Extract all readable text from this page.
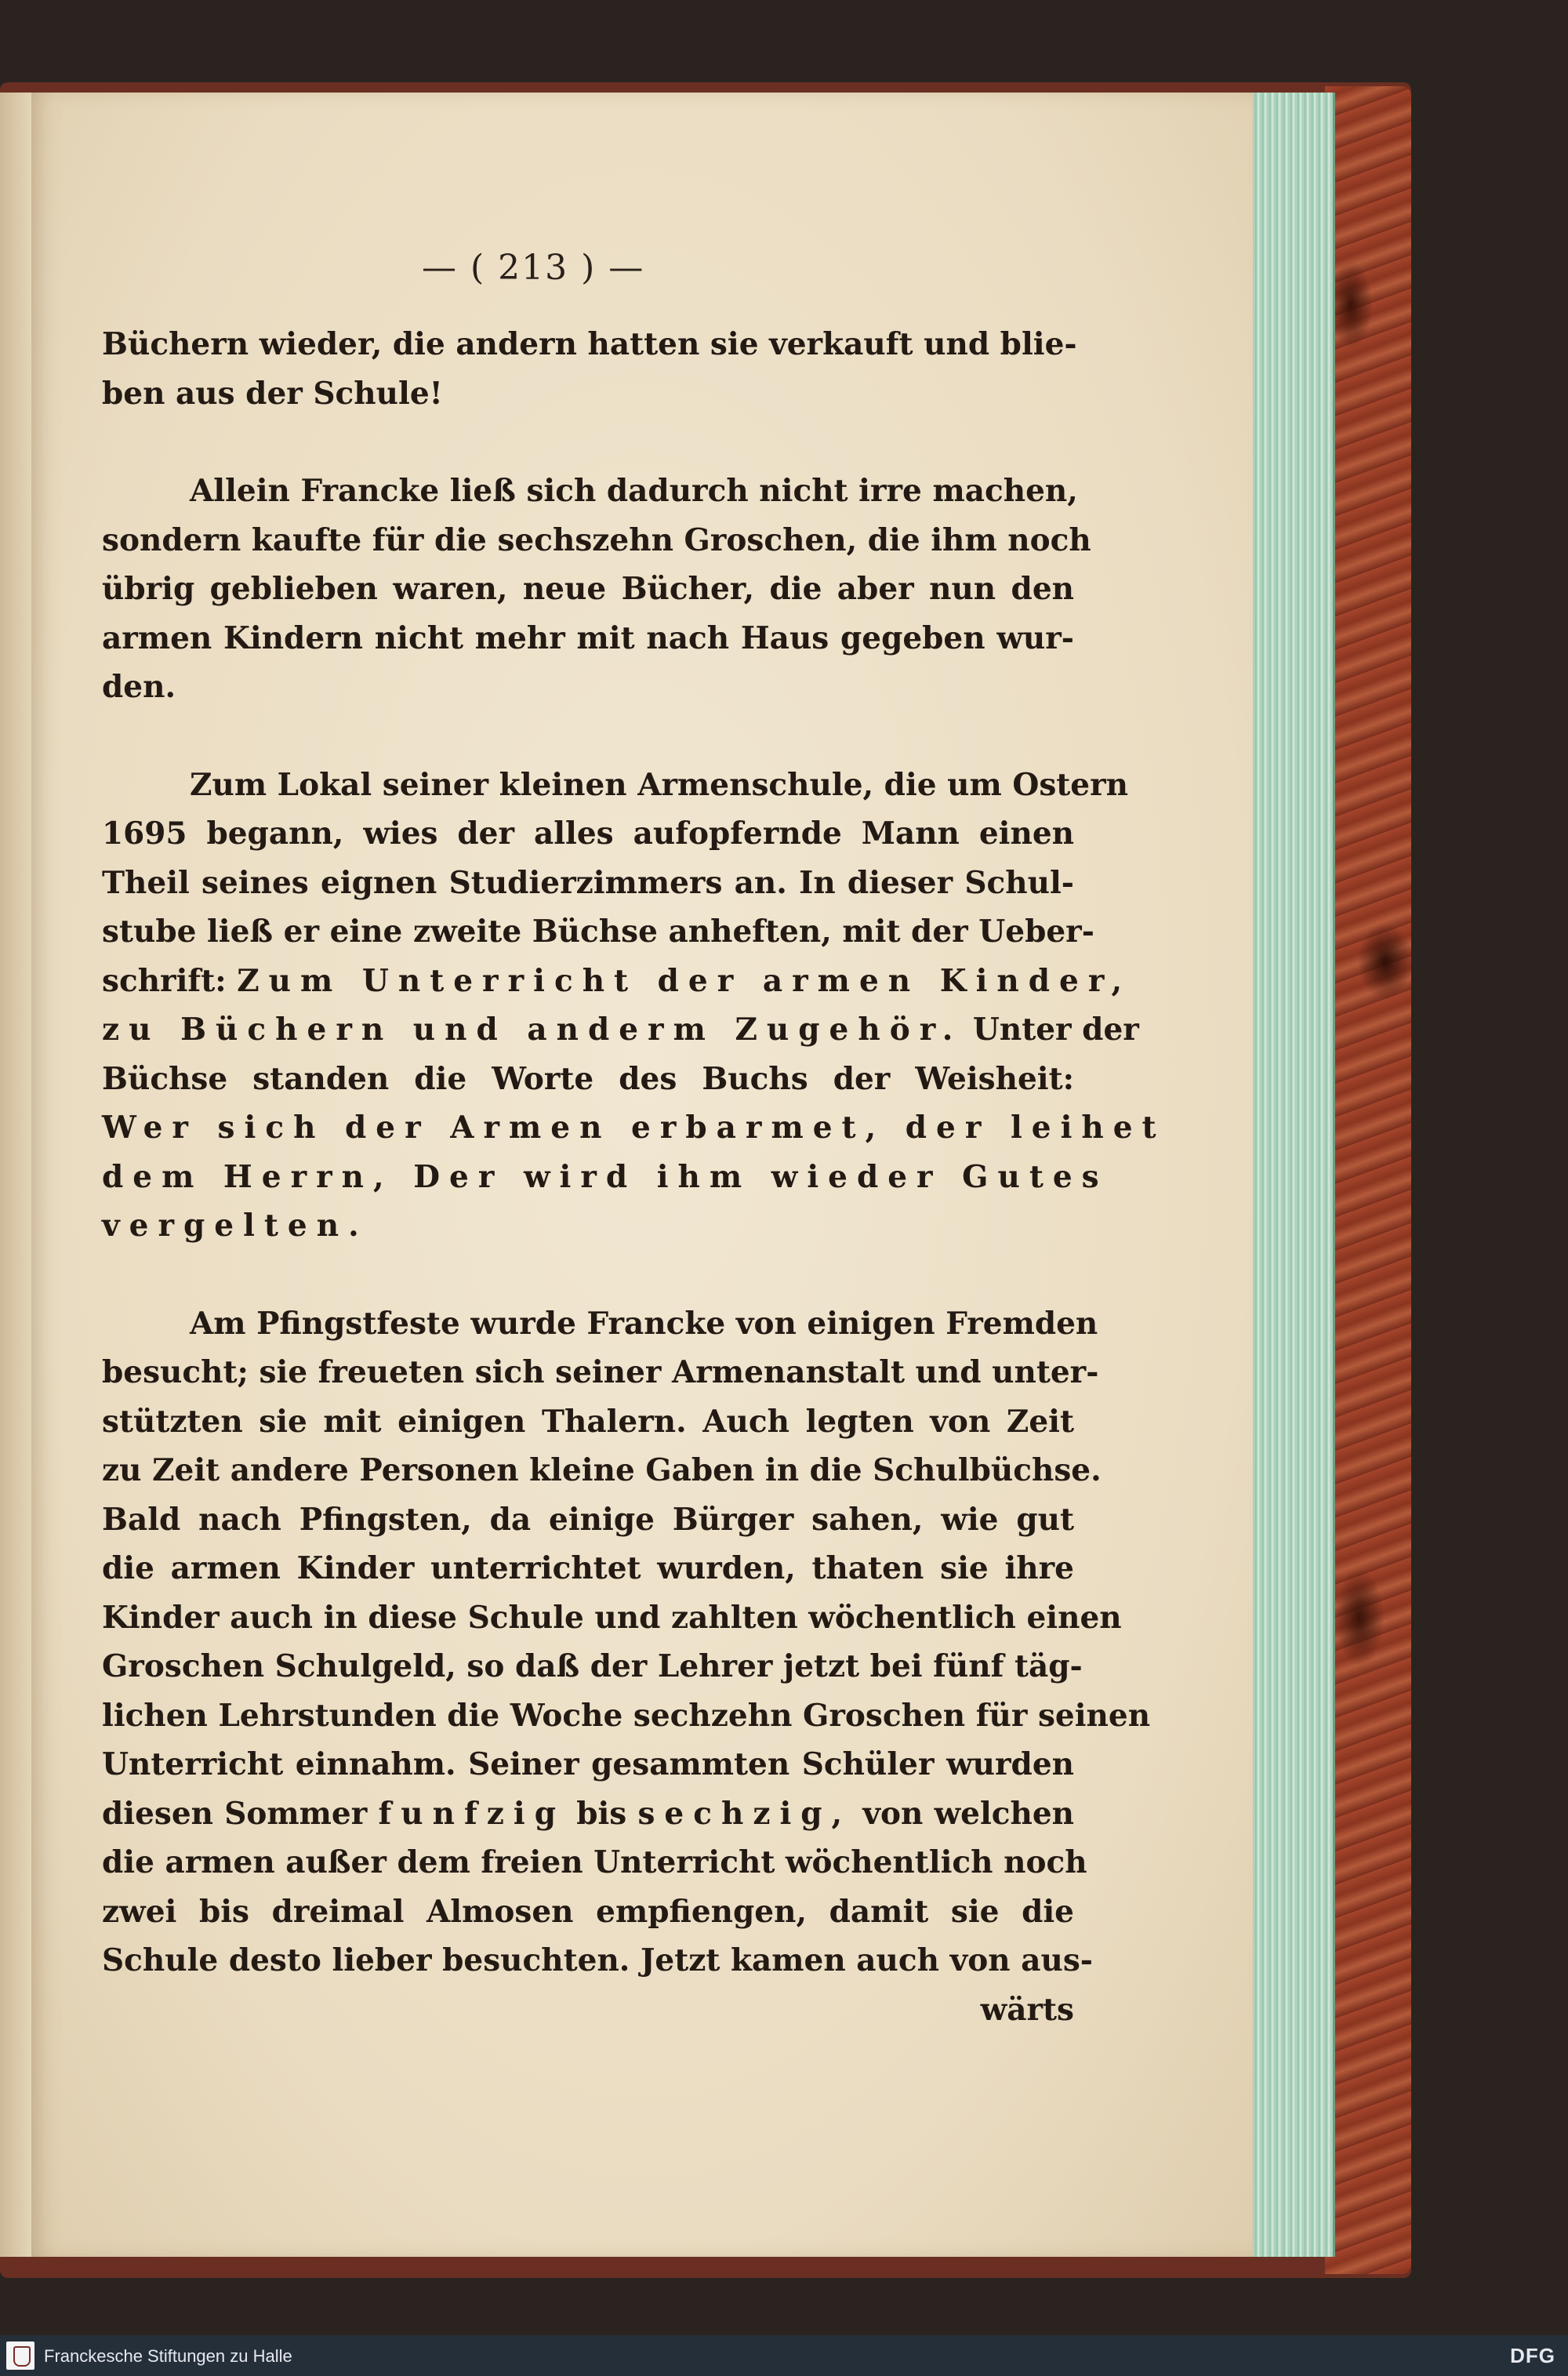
— ( 213 ) —
Büchern wieder, die andern hatten sie verkauft und blie-
ben aus der Schule!
Allein Francke ließ sich dadurch nicht irre machen,
sondern kaufte für die sechszehn Groschen, die ihm noch
übrig geblieben waren, neue Bücher, die aber nun den
armen Kindern nicht mehr mit nach Haus gegeben wur-
den.
Zum Lokal seiner kleinen Armenschule, die um Ostern
1695 begann, wies der alles aufopfernde Mann einen
Theil seines eignen Studierzimmers an. In dieser Schul-
stube ließ er eine zweite Büchse anheften, mit der Ueber-
schrift: Zum Unterricht der armen Kinder,
zu Büchern und anderm Zugehör. Unter der
Büchse standen die Worte des Buchs der Weisheit:
Wer sich der Armen erbarmet, der leihet
dem Herrn, Der wird ihm wieder Gutes
vergelten.
Am Pfingstfeste wurde Francke von einigen Fremden
besucht; sie freueten sich seiner Armenanstalt und unter-
stützten sie mit einigen Thalern. Auch legten von Zeit
zu Zeit andere Personen kleine Gaben in die Schulbüchse.
Bald nach Pfingsten, da einige Bürger sahen, wie gut
die armen Kinder unterrichtet wurden, thaten sie ihre
Kinder auch in diese Schule und zahlten wöchentlich einen
Groschen Schulgeld, so daß der Lehrer jetzt bei fünf täg-
lichen Lehrstunden die Woche sechzehn Groschen für seinen
Unterricht einnahm. Seiner gesammten Schüler wurden
diesen Sommer funfzig bis sechzig, von welchen
die armen außer dem freien Unterricht wöchentlich noch
zwei bis dreimal Almosen empfiengen, damit sie die
Schule desto lieber besuchten. Jetzt kamen auch von aus-
wärts
Franckesche Stiftungen zu Halle	DFG
